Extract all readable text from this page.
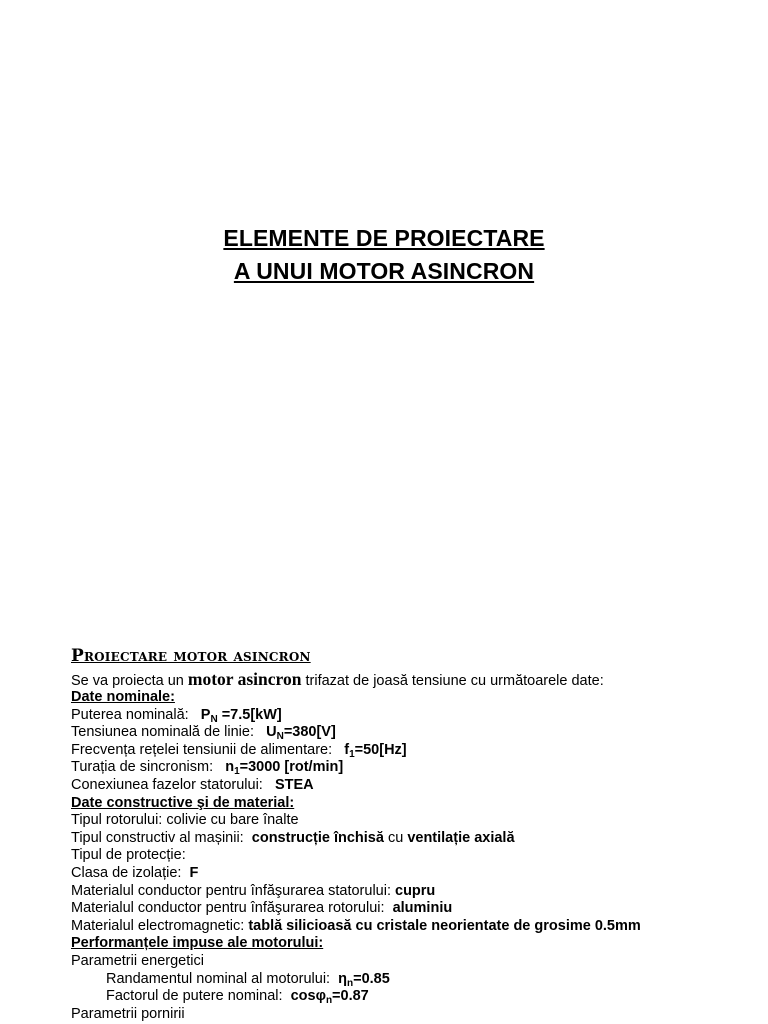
ELEMENTE DE PROIECTARE
A UNUI MOTOR ASINCRON
Proiectare motor asincron
Se va proiecta un motor asincron trifazat de joasă tensiune cu următoarele date:
Date nominale:
Puterea nominală: $P_N =7.5[kW]$
Tensiunea nominală de linie: $U_N=380[V]$
Frecvența rețelei tensiunii de alimentare: $f_1=50[Hz]$
Turația de sincronism: $n_1=3000$ [rot/min]
Conexiunea fazelor statorului: STEA
Date constructive şi de material:
Tipul rotorului: colivie cu bare înalte
Tipul constructiv al mașinii: construcție închisă cu ventilație axială
Tipul de protecție:
Clasa de izolație: F
Materialul conductor pentru înfăşurarea statorului: cupru
Materialul conductor pentru înfăşurarea rotorului: aluminiu
Materialul electromagnetic: tablă silicioasă cu cristale neorientate de grosime 0.5mm
Performanțele impuse ale motorului:
Parametrii energetici
Randamentul nominal al motorului: $\eta_n=0.85$
Factorul de putere nominal: cosφ$_n$=0.87
Parametrii pornirii
